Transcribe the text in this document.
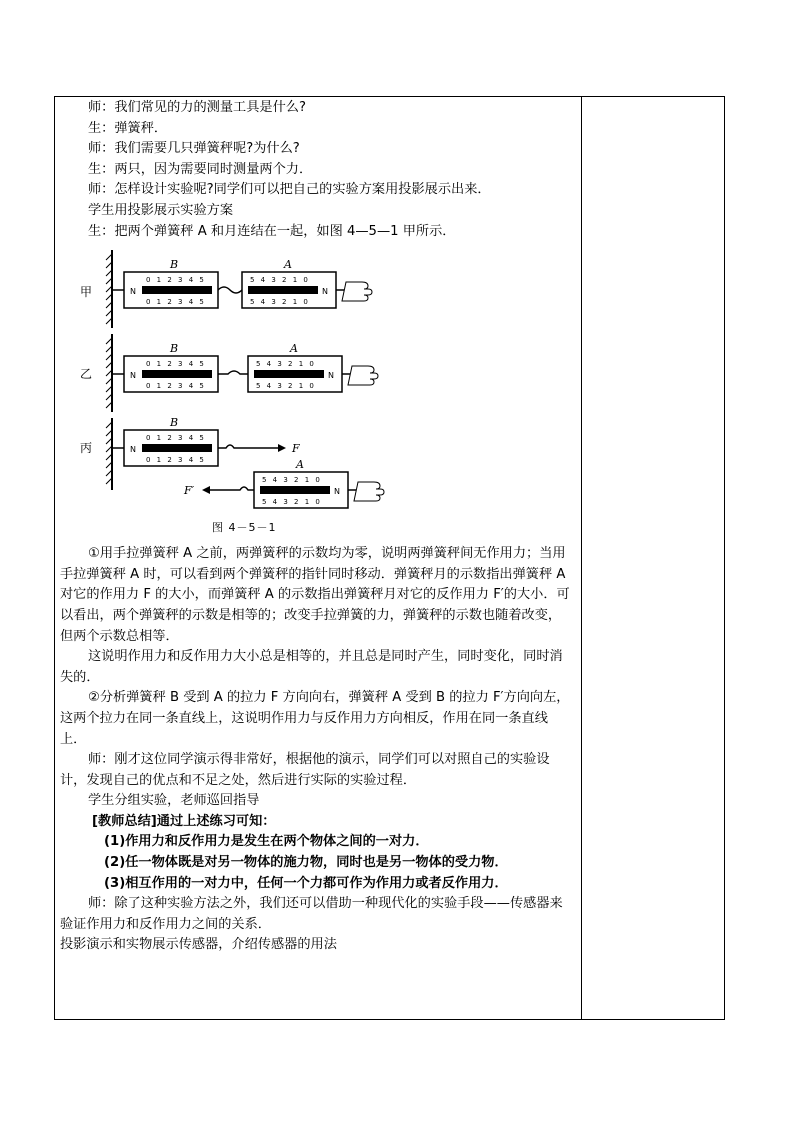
师：我们常见的力的测量工具是什么?

生：弹簧秤．

师：我们需要几只弹簧秤呢?为什么?

生：两只，因为需要同时测量两个力．

师：怎样设计实验呢?同学们可以把自己的实验方案用投影展示出来．

学生用投影展示实验方案

生：把两个弹簧秤 A 和月连结在一起，如图 4—5—1 甲所示．

甲	N
B
0 1 2 3 4 5
0 1 2 3 4 5
N
A
5 4 3 2 1 0
5 4 3 2 1 0
乙	N
B
0 1 2 3 4 5
0 1 2 3 4 5
N
A
5 4 3 2 1 0
5 4 3 2 1 0
丙	N
B
0 1 2 3 4 5
0 1 2 3 4 5
F
F′	N
A
5 4 3 2 1 0
5 4 3 2 1 0
图 4－5－1

①用手拉弹簧秤 A 之前，两弹簧秤的示数均为零，说明两弹簧秤间无作用力；当用手拉弹簧秤 A 时，可以看到两个弹簧秤的指针同时移动．弹簧秤月的示数指出弹簧秤 A 对它的作用力 F 的大小，而弹簧秤 A 的示数指出弹簧秤月对它的反作用力 F′的大小．可以看出，两个弹簧秤的示数是相等的；改变手拉弹簧的力，弹簧秤的示数也随着改变，但两个示数总相等．

这说明作用力和反作用力大小总是相等的，并且总是同时产生，同时变化，同时消失的．

②分析弹簧秤 B 受到 A 的拉力 F 方向向右，弹簧秤 A 受到 B 的拉力 F′方向向左，这两个拉力在同一条直线上，这说明作用力与反作用力方向相反，作用在同一条直线上．

师：刚才这位同学演示得非常好，根据他的演示，同学们可以对照自己的实验设计，发现自己的优点和不足之处，然后进行实际的实验过程．

学生分组实验，老师巡回指导

[教师总结]通过上述练习可知：

(1)作用力和反作用力是发生在两个物体之间的一对力．

(2)任一物体既是对另一物体的施力物，同时也是另一物体的受力物．

(3)相互作用的一对力中，任何一个力都可作为作用力或者反作用力．

师：除了这种实验方法之外，我们还可以借助一种现代化的实验手段——传感器来验证作用力和反作用力之间的关系．

投影演示和实物展示传感器，介绍传感器的用法
